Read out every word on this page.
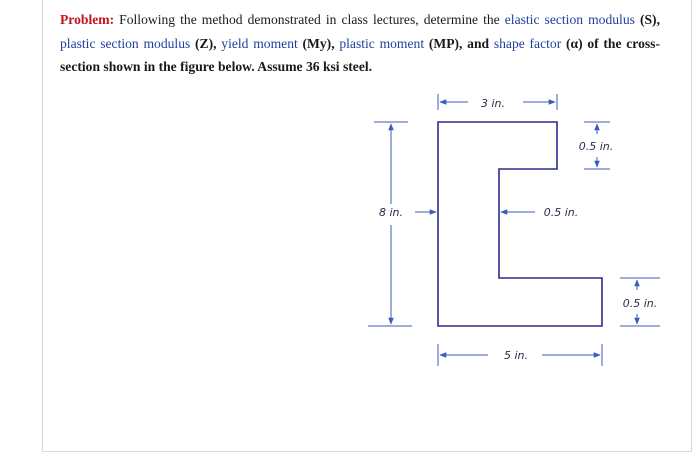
Problem: Following the method demonstrated in class lectures, determine the elastic section modulus (S), plastic section modulus (Z), yield moment (My), plastic moment (MP), and shape factor (α) of the cross-section shown in the figure below. Assume 36 ksi steel.
3 in.
8 in.	0.5 in.
0.5 in.
0.5 in.
5 in.
